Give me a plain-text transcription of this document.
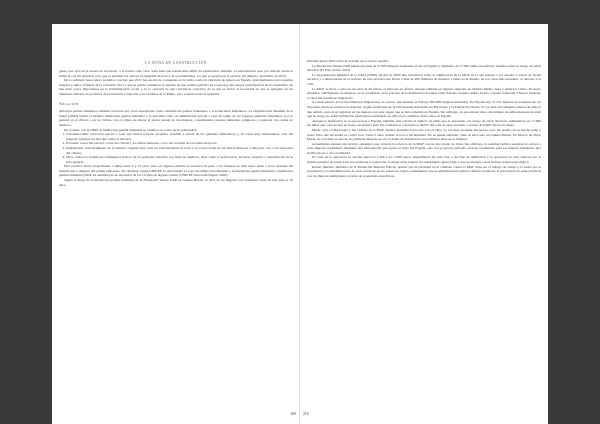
LA DONA EN CONSTRUCCIÓN

gente, que vive en la escena en el trabajo, a la forma como vive. Sabe bien que resulta más difícil de transformar, también. La intervención pasa por trabajar desde la infancia con las personas a las que se enseñen los valores de igualdad de trato y de oportunidades, los que se apoyan en la escuela. (El Mundo, diciembre de 2015)

De lo señalado hasta ahora podemos concluir que 2015 fue un año de conquistas en la lucha contra la violencia de género en España, principalmente para aquellas mujeres y niños víctimas de la violencia. Por lo que se puede considerar el espíritu de una política pública en la que hay una mayor participación de la ciudadanía. Se han dado pasos importantes en la sensibilización social y en la creación de una conciencia colectiva, de la que se deriva la necesidad de que se apliquen en los diferentes ámbitos las políticas de prevención y atención a las víctimas de la Mujer, para avanzar hacia la igualdad.

Ablación

Ablación genital femenina, también conocida por otras expresiones como «mutilación genital femenina» o «circuncisión femenina». La Organización Mundial de la Salud (OMS) utiliza el término mutilación genital femenina y la describe como «la eliminación parcial o total de tejido de los órganos genitales femeninos, por lo general en el clítoris o en los labios, con el objeto de alterar el placer sexual de las mujeres, considerando razones culturales, religiosas o cualquier otra razón no médica».

De acuerdo con la OMS, la mutilación genital femenina se clasifica en cuatro tipos principales:

1. Clitoridectomía: resección parcial o total del clítoris (órgano pequeño, sensible y eréctil de los genitales femeninos) y, en casos muy infrecuentes, solo del prepucio (pliegue de piel que rodea el clítoris).
2. Excisión: resección parcial o total del clítoris y los labios menores, con o sin escisión de los labios mayores.
3. Infibulación: estrechamiento de la abertura vaginal para crear un sello mediante el corte y la recolocación de los labios menores o mayores, con o sin resección del clítoris.
4. Otros: todos los demás procedimientos lesivos de los genitales externos con fines no médicos, tales como la perforación, incisión, raspado o cauterización de la zona genital.

Esta práctica afecta mayormente a niñas entre 0 y 15 años, pero en algunos últimos se practica en parte a las mujeres de más edad, antes o poco después del matrimonio o después del primer embarazo. No obstante, según UNICEF, la edad media a la que las niñas son sometidas a la mutilación genital femenina o mutilación genital femenina (MGF en adelante) es de alrededor de los 10 años en algunos países (UNICEF, Innocenti Digest, 2005).

Según el mapa de la mutilación genital femenina de la Fundación Wassu-UAB en Guinea Bissau, el 44% de las mujeres con residentes entre de este país es 10 años.

209

Informe Anual 2016 sobre el racismo en el estado español

La Fundación Wassu-UAB señala que más de 57.000 mujeres residentes viven en España y alrededor de 17.000 niñas en territorio español están en riesgo de sufrir ablación (El País, marzo 2015).

La Organización Mundial de la Salud (OMS) aprobó en 2008 una resolución sobre la eliminación de la MGF en la que instaba a los estados a actuar de forma decisiva y a interponerse en el rechazo de esta práctica que afecta a más de 200 millones de mujeres y niñas en el mundo, en los casos más extremos, el derecho a la vida.

La MGF se lleva a cabo en un total de 29 países, la mayoría en África, aunque también en algunas regiones de Oriente Medio, Asia y América Latina. Es decir, alrededor 140 millones de mujeres, en la actualidad, en la práctica de la mutilación en países como Estados Unidos, Reino Unido, Canadá, Australia o Nueva Zelanda, a causa del fenómeno migratorio.

A consecuencia de los movimientos migratorios, se conoce que habitan en Europa 500.000 mujeres mutiladas. En España hay 57.251 mujeres procedentes de los 29 países donde se practica la ablación, según un informe de la Universidad Autónoma de Barcelona y la Fundación Wassu. No se sabe exactamente cuántas de ellas la han sufrido, pero sí se registran en las mujeres con este origen que se han sometido en España. Sin embargo, sí que existen datos del número de niñas menores de edad que en riesgo de sufrir mutilación genital han acumulado un 46% en los últimos cuatro años en España.

Aunque la legislación es la que proteja a España, también, han crecido el número de niñas que se presentan con riesgo de sufrir ablación, estimándose en 17.000 las niñas que a día de hoy en riesgo en nuestro país. En Cataluña se concentra el 36,6% del total de estas jóvenes, con más de 6.000 chicas en riesgo.

Marie, vive en Barcelona y fue víctima de la MGF. Relata: aprendió sobre ello a los 8 años, yo era muy pequeña. Recuerdo, pero me sentía con el mucho daño y dolor. Dice que mi madre se volvió loca. Tenía 3 años cuando le tocó a mi hermana. No se puede entender cómo se hace esto en Guinea Bissau. En febrero de 2014, María, se convirtió en una de las primeras mujeres en ver el delito de mutilación en los últimos años en el tribunal.

Actualmente existen una técnica quirúrgica que revierte los efectos de la MGF con un alto grado de éxito. Sin embargo, la realidad pública española no ofrece a estas mujeres tratamiento mediante una intervención que repare el daño. En España, sólo dos proyectos privados ofrecen tratamiento para las mujeres mutiladas: uno en Barcelona y otro en Madrid.

El coste de la operación se calcula entre los 1.500 y los 2.000 euros, dependiendo de cada caso y del tipo de mutilación y la operación no está cubierta por el sistema público de salud. Una vez realizada la operación, la mujer debe realizar un seguimiento ginecológico que en algunos casos incluye terapia psicológica.

Rafael Jiménez, miembro de la Fundación Mujeres Felices, apuntó que la prioridad en el combate contra la MGF debe ser el trabajo de campo y la lucha por la prevención y la sensibilización de estas prácticas en los países de origen, entendiendo que la administración pública debería promover la prevención de estas prácticas con las mujeres inmigrantes a través de programas específicos.

210
